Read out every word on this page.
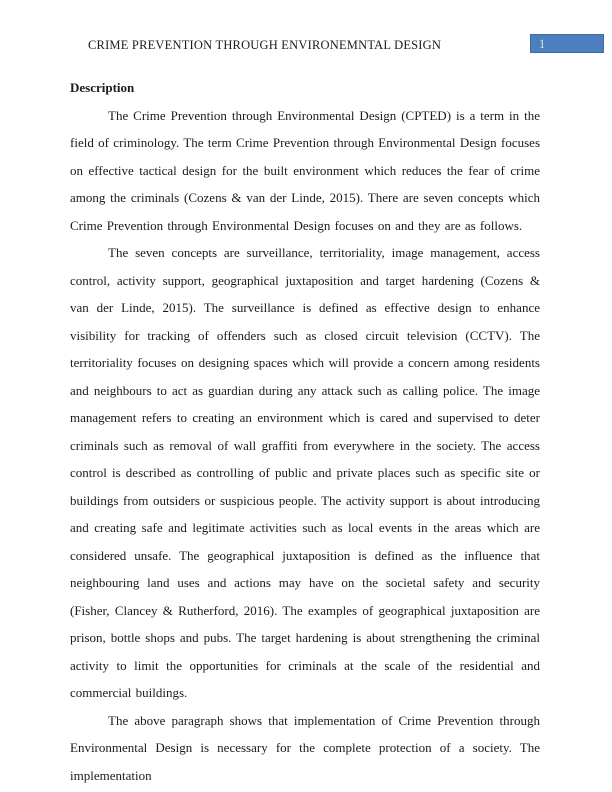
CRIME PREVENTION THROUGH ENVIRONEMNTAL DESIGN	1
Description

The Crime Prevention through Environmental Design (CPTED) is a term in the field of criminology. The term Crime Prevention through Environmental Design focuses on effective tactical design for the built environment which reduces the fear of crime among the criminals (Cozens & van der Linde, 2015). There are seven concepts which Crime Prevention through Environmental Design focuses on and they are as follows.

The seven concepts are surveillance, territoriality, image management, access control, activity support, geographical juxtaposition and target hardening (Cozens & van der Linde, 2015). The surveillance is defined as effective design to enhance visibility for tracking of offenders such as closed circuit television (CCTV). The territoriality focuses on designing spaces which will provide a concern among residents and neighbours to act as guardian during any attack such as calling police. The image management refers to creating an environment which is cared and supervised to deter criminals such as removal of wall graffiti from everywhere in the society. The access control is described as controlling of public and private places such as specific site or buildings from outsiders or suspicious people. The activity support is about introducing and creating safe and legitimate activities such as local events in the areas which are considered unsafe. The geographical juxtaposition is defined as the influence that neighbouring land uses and actions may have on the societal safety and security (Fisher, Clancey & Rutherford, 2016). The examples of geographical juxtaposition are prison, bottle shops and pubs. The target hardening is about strengthening the criminal activity to limit the opportunities for criminals at the scale of the residential and commercial buildings.

The above paragraph shows that implementation of Crime Prevention through Environmental Design is necessary for the complete protection of a society. The implementation
